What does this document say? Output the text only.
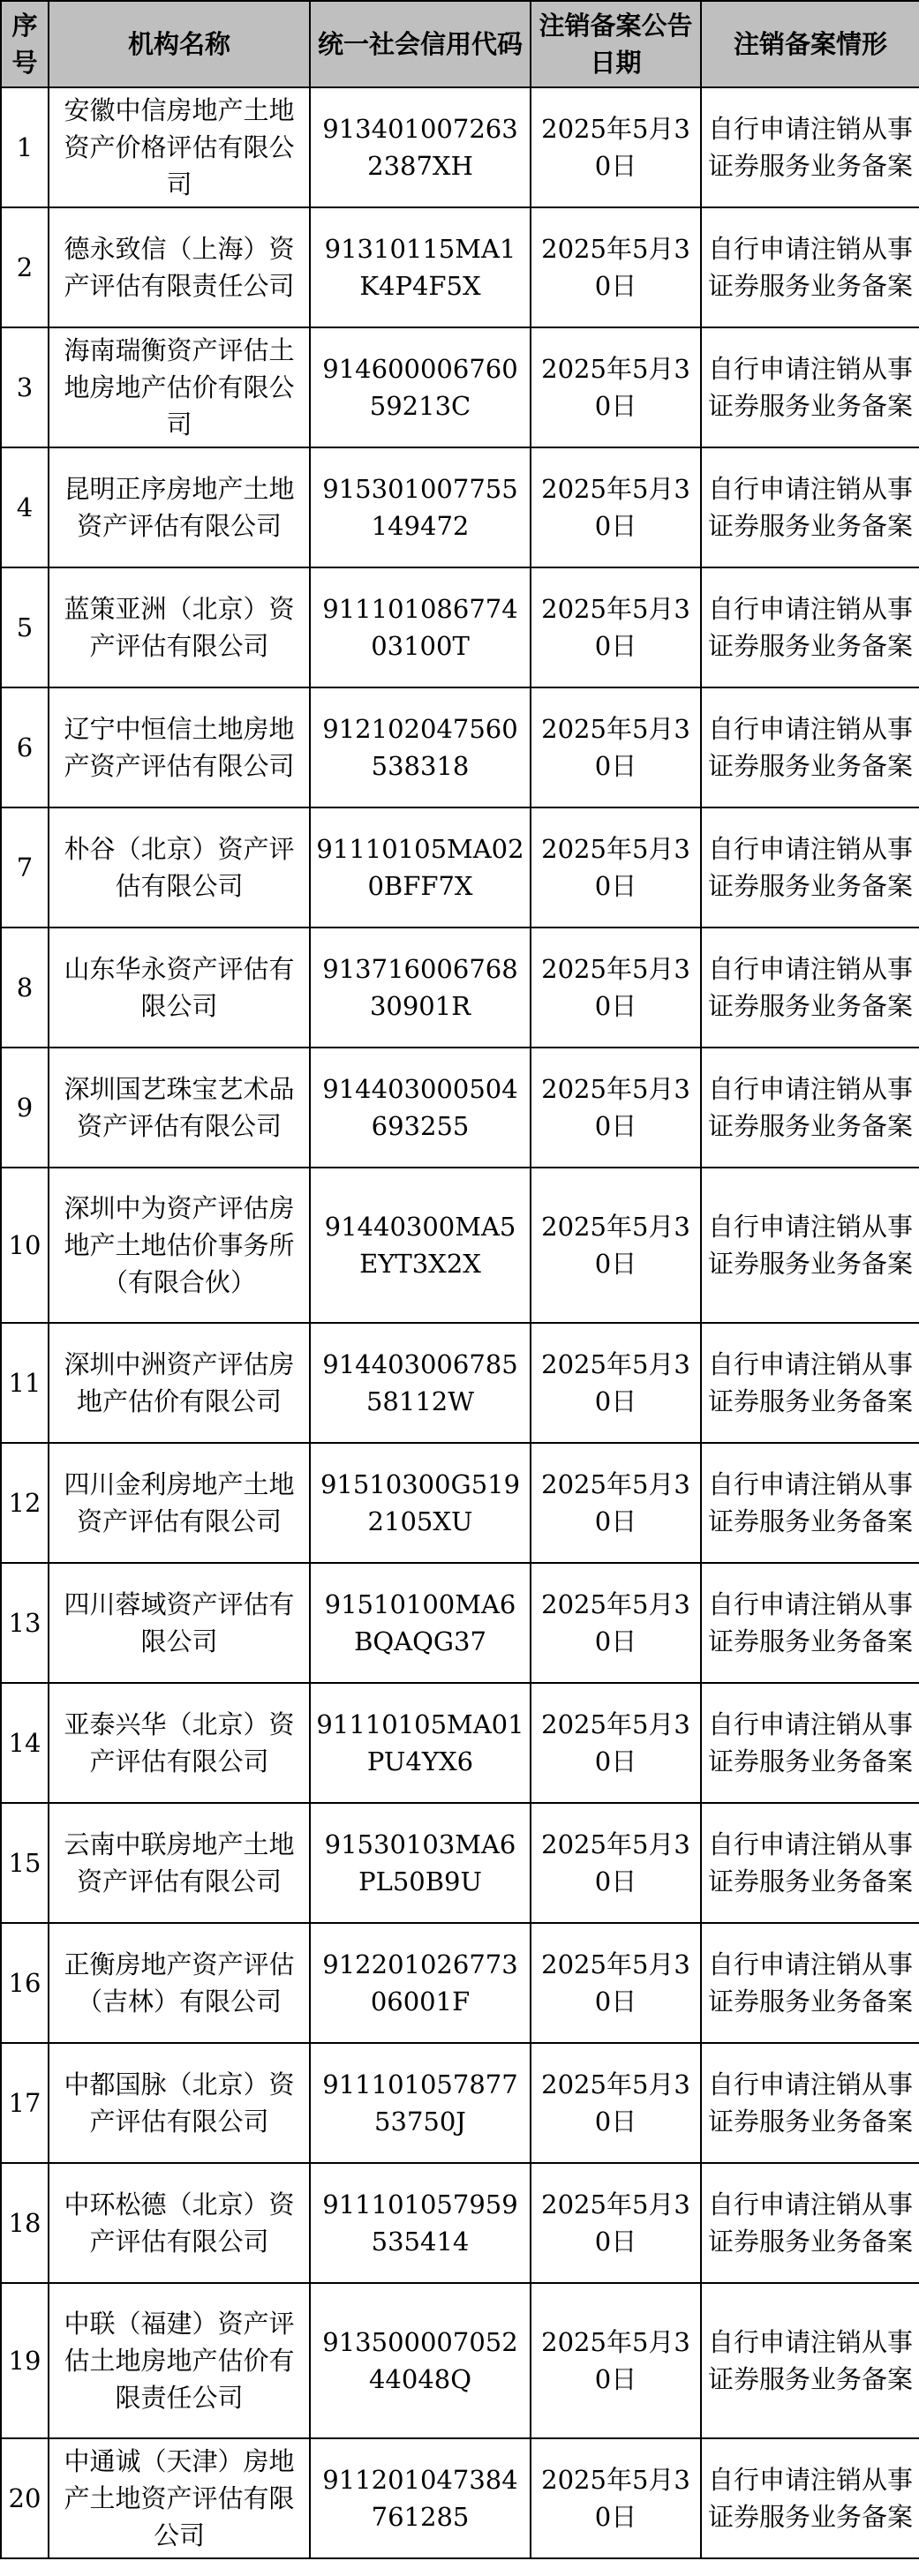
序号	机构名称	统一社会信用代码	注销备案公告日期	注销备案情形
1	安徽中信房地产土地资产价格评估有限公司	9134010072632387XH	2025年5月30日	自行申请注销从事证券服务业务备案
2	德永致信（上海）资产评估有限责任公司	91310115MA1K4P4F5X	2025年5月30日	自行申请注销从事证券服务业务备案
3	海南瑞衡资产评估土地房地产估价有限公司	91460000676059213C	2025年5月30日	自行申请注销从事证券服务业务备案
4	昆明正序房地产土地资产评估有限公司	915301007755149472	2025年5月30日	自行申请注销从事证券服务业务备案
5	蓝策亚洲（北京）资产评估有限公司	91110108677403100T	2025年5月30日	自行申请注销从事证券服务业务备案
6	辽宁中恒信土地房地产资产评估有限公司	912102047560538318	2025年5月30日	自行申请注销从事证券服务业务备案
7	朴谷（北京）资产评估有限公司	91110105MA020BFF7X	2025年5月30日	自行申请注销从事证券服务业务备案
8	山东华永资产评估有限公司	91371600676830901R	2025年5月30日	自行申请注销从事证券服务业务备案
9	深圳国艺珠宝艺术品资产评估有限公司	914403000504693255	2025年5月30日	自行申请注销从事证券服务业务备案
10	深圳中为资产评估房地产土地估价事务所（有限合伙）	91440300MA5EYT3X2X	2025年5月30日	自行申请注销从事证券服务业务备案
11	深圳中洲资产评估房地产估价有限公司	91440300678558112W	2025年5月30日	自行申请注销从事证券服务业务备案
12	四川金利房地产土地资产评估有限公司	91510300G5192105XU	2025年5月30日	自行申请注销从事证券服务业务备案
13	四川蓉域资产评估有限公司	91510100MA6BQAQG37	2025年5月30日	自行申请注销从事证券服务业务备案
14	亚泰兴华（北京）资产评估有限公司	91110105MA01PU4YX6	2025年5月30日	自行申请注销从事证券服务业务备案
15	云南中联房地产土地资产评估有限公司	91530103MA6PL50B9U	2025年5月30日	自行申请注销从事证券服务业务备案
16	正衡房地产资产评估（吉林）有限公司	91220102677306001F	2025年5月30日	自行申请注销从事证券服务业务备案
17	中都国脉（北京）资产评估有限公司	91110105787753750J	2025年5月30日	自行申请注销从事证券服务业务备案
18	中环松德（北京）资产评估有限公司	911101057959535414	2025年5月30日	自行申请注销从事证券服务业务备案
19	中联（福建）资产评估土地房地产估价有限责任公司	91350000705244048Q	2025年5月30日	自行申请注销从事证券服务业务备案
20	中通诚（天津）房地产土地资产评估有限公司	911201047384761285	2025年5月30日	自行申请注销从事证券服务业务备案
